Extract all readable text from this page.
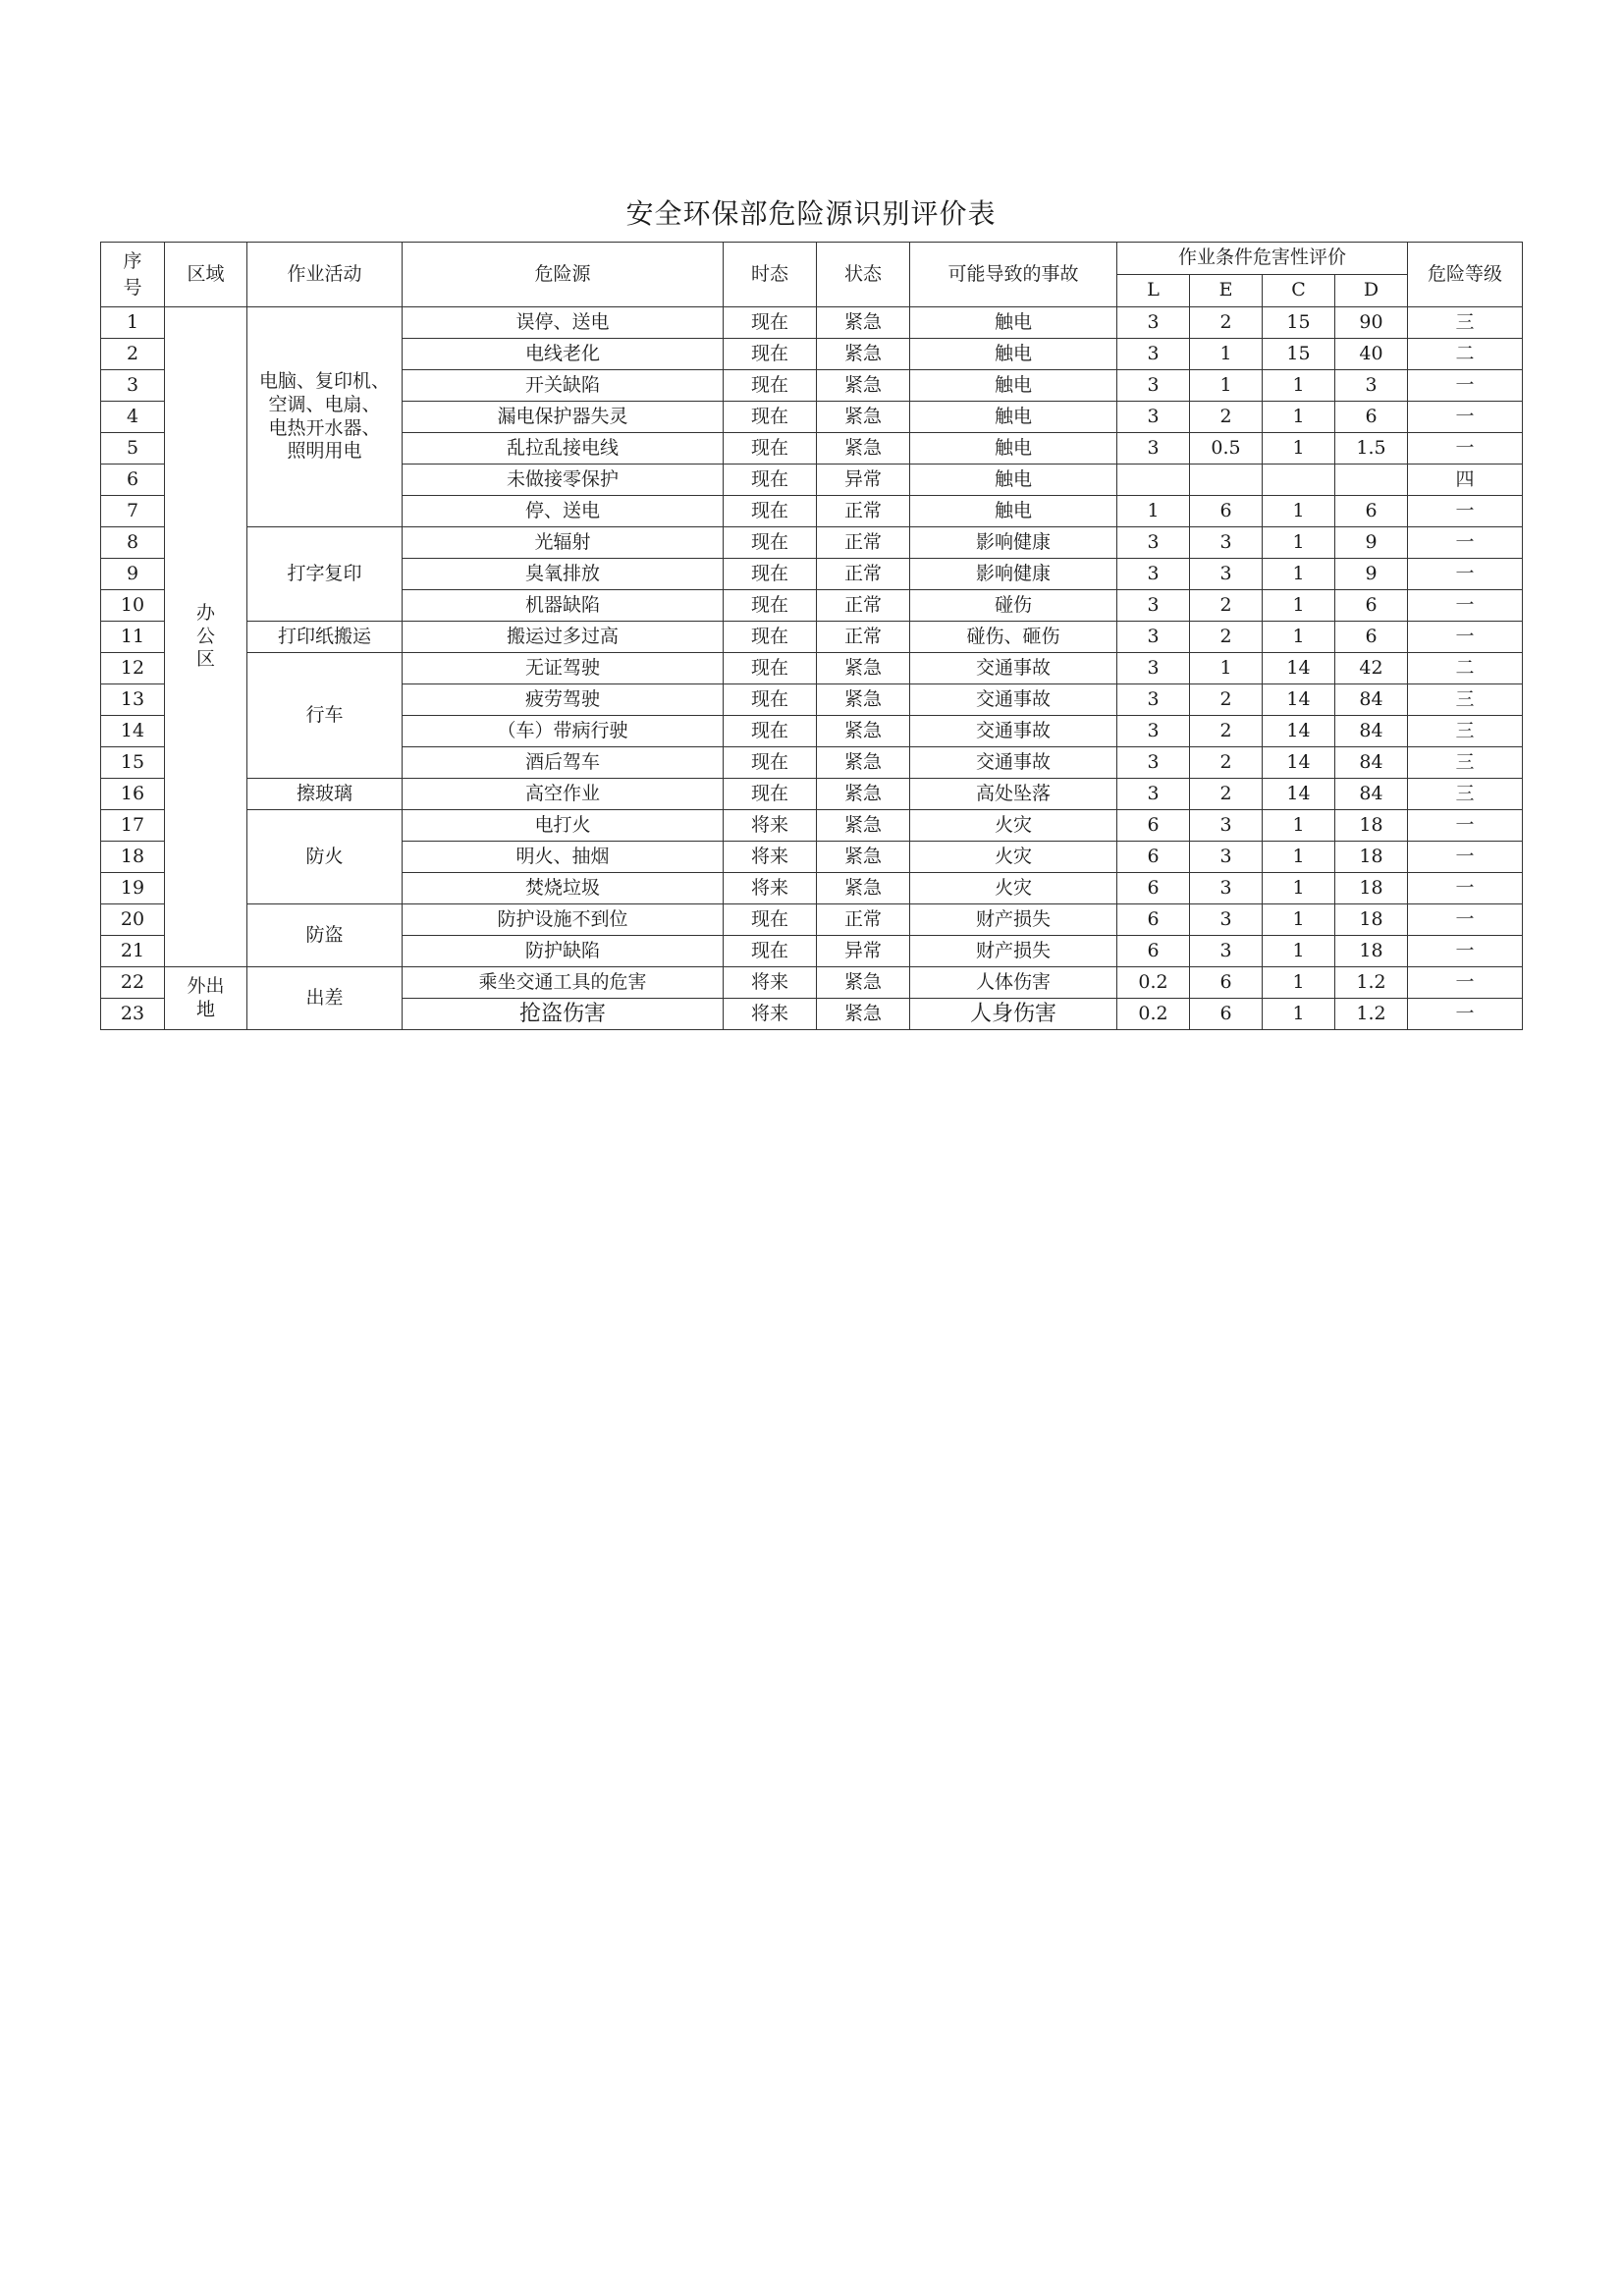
安全环保部危险源识别评价表
序号	区域	作业活动	危险源	时态	状态	可能导致的事故	作业条件危害性评价				危险等级
							L	E	C	D	
1	办
公
区	电脑、复印机、
空调、电扇、
电热开水器、
照明用电	误停、送电	现在	紧急	触电	3	2	15	90	三
2			电线老化	现在	紧急	触电	3	1	15	40	二
3			开关缺陷	现在	紧急	触电	3	1	1	3	一
4			漏电保护器失灵	现在	紧急	触电	3	2	1	6	一
5			乱拉乱接电线	现在	紧急	触电	3	0.5	1	1.5	一
6			未做接零保护	现在	异常	触电					四
7			停、送电	现在	正常	触电	1	6	1	6	一
8		打字复印	光辐射	现在	正常	影响健康	3	3	1	9	一
9			臭氧排放	现在	正常	影响健康	3	3	1	9	一
10			机器缺陷	现在	正常	碰伤	3	2	1	6	一
11		打印纸搬运	搬运过多过高	现在	正常	碰伤、砸伤	3	2	1	6	一
12		行车	无证驾驶	现在	紧急	交通事故	3	1	14	42	二
13			疲劳驾驶	现在	紧急	交通事故	3	2	14	84	三
14			（车）带病行驶	现在	紧急	交通事故	3	2	14	84	三
15			酒后驾车	现在	紧急	交通事故	3	2	14	84	三
16		擦玻璃	高空作业	现在	紧急	高处坠落	3	2	14	84	三
17		防火	电打火	将来	紧急	火灾	6	3	1	18	一
18			明火、抽烟	将来	紧急	火灾	6	3	1	18	一
19			焚烧垃圾	将来	紧急	火灾	6	3	1	18	一
20		防盗	防护设施不到位	现在	正常	财产损失	6	3	1	18	一
21			防护缺陷	现在	异常	财产损失	6	3	1	18	一
22	外出
地	出差	乘坐交通工具的危害	将来	紧急	人体伤害	0.2	6	1	1.2	一
23			抢盗伤害	将来	紧急	人身伤害	0.2	6	1	1.2	一
